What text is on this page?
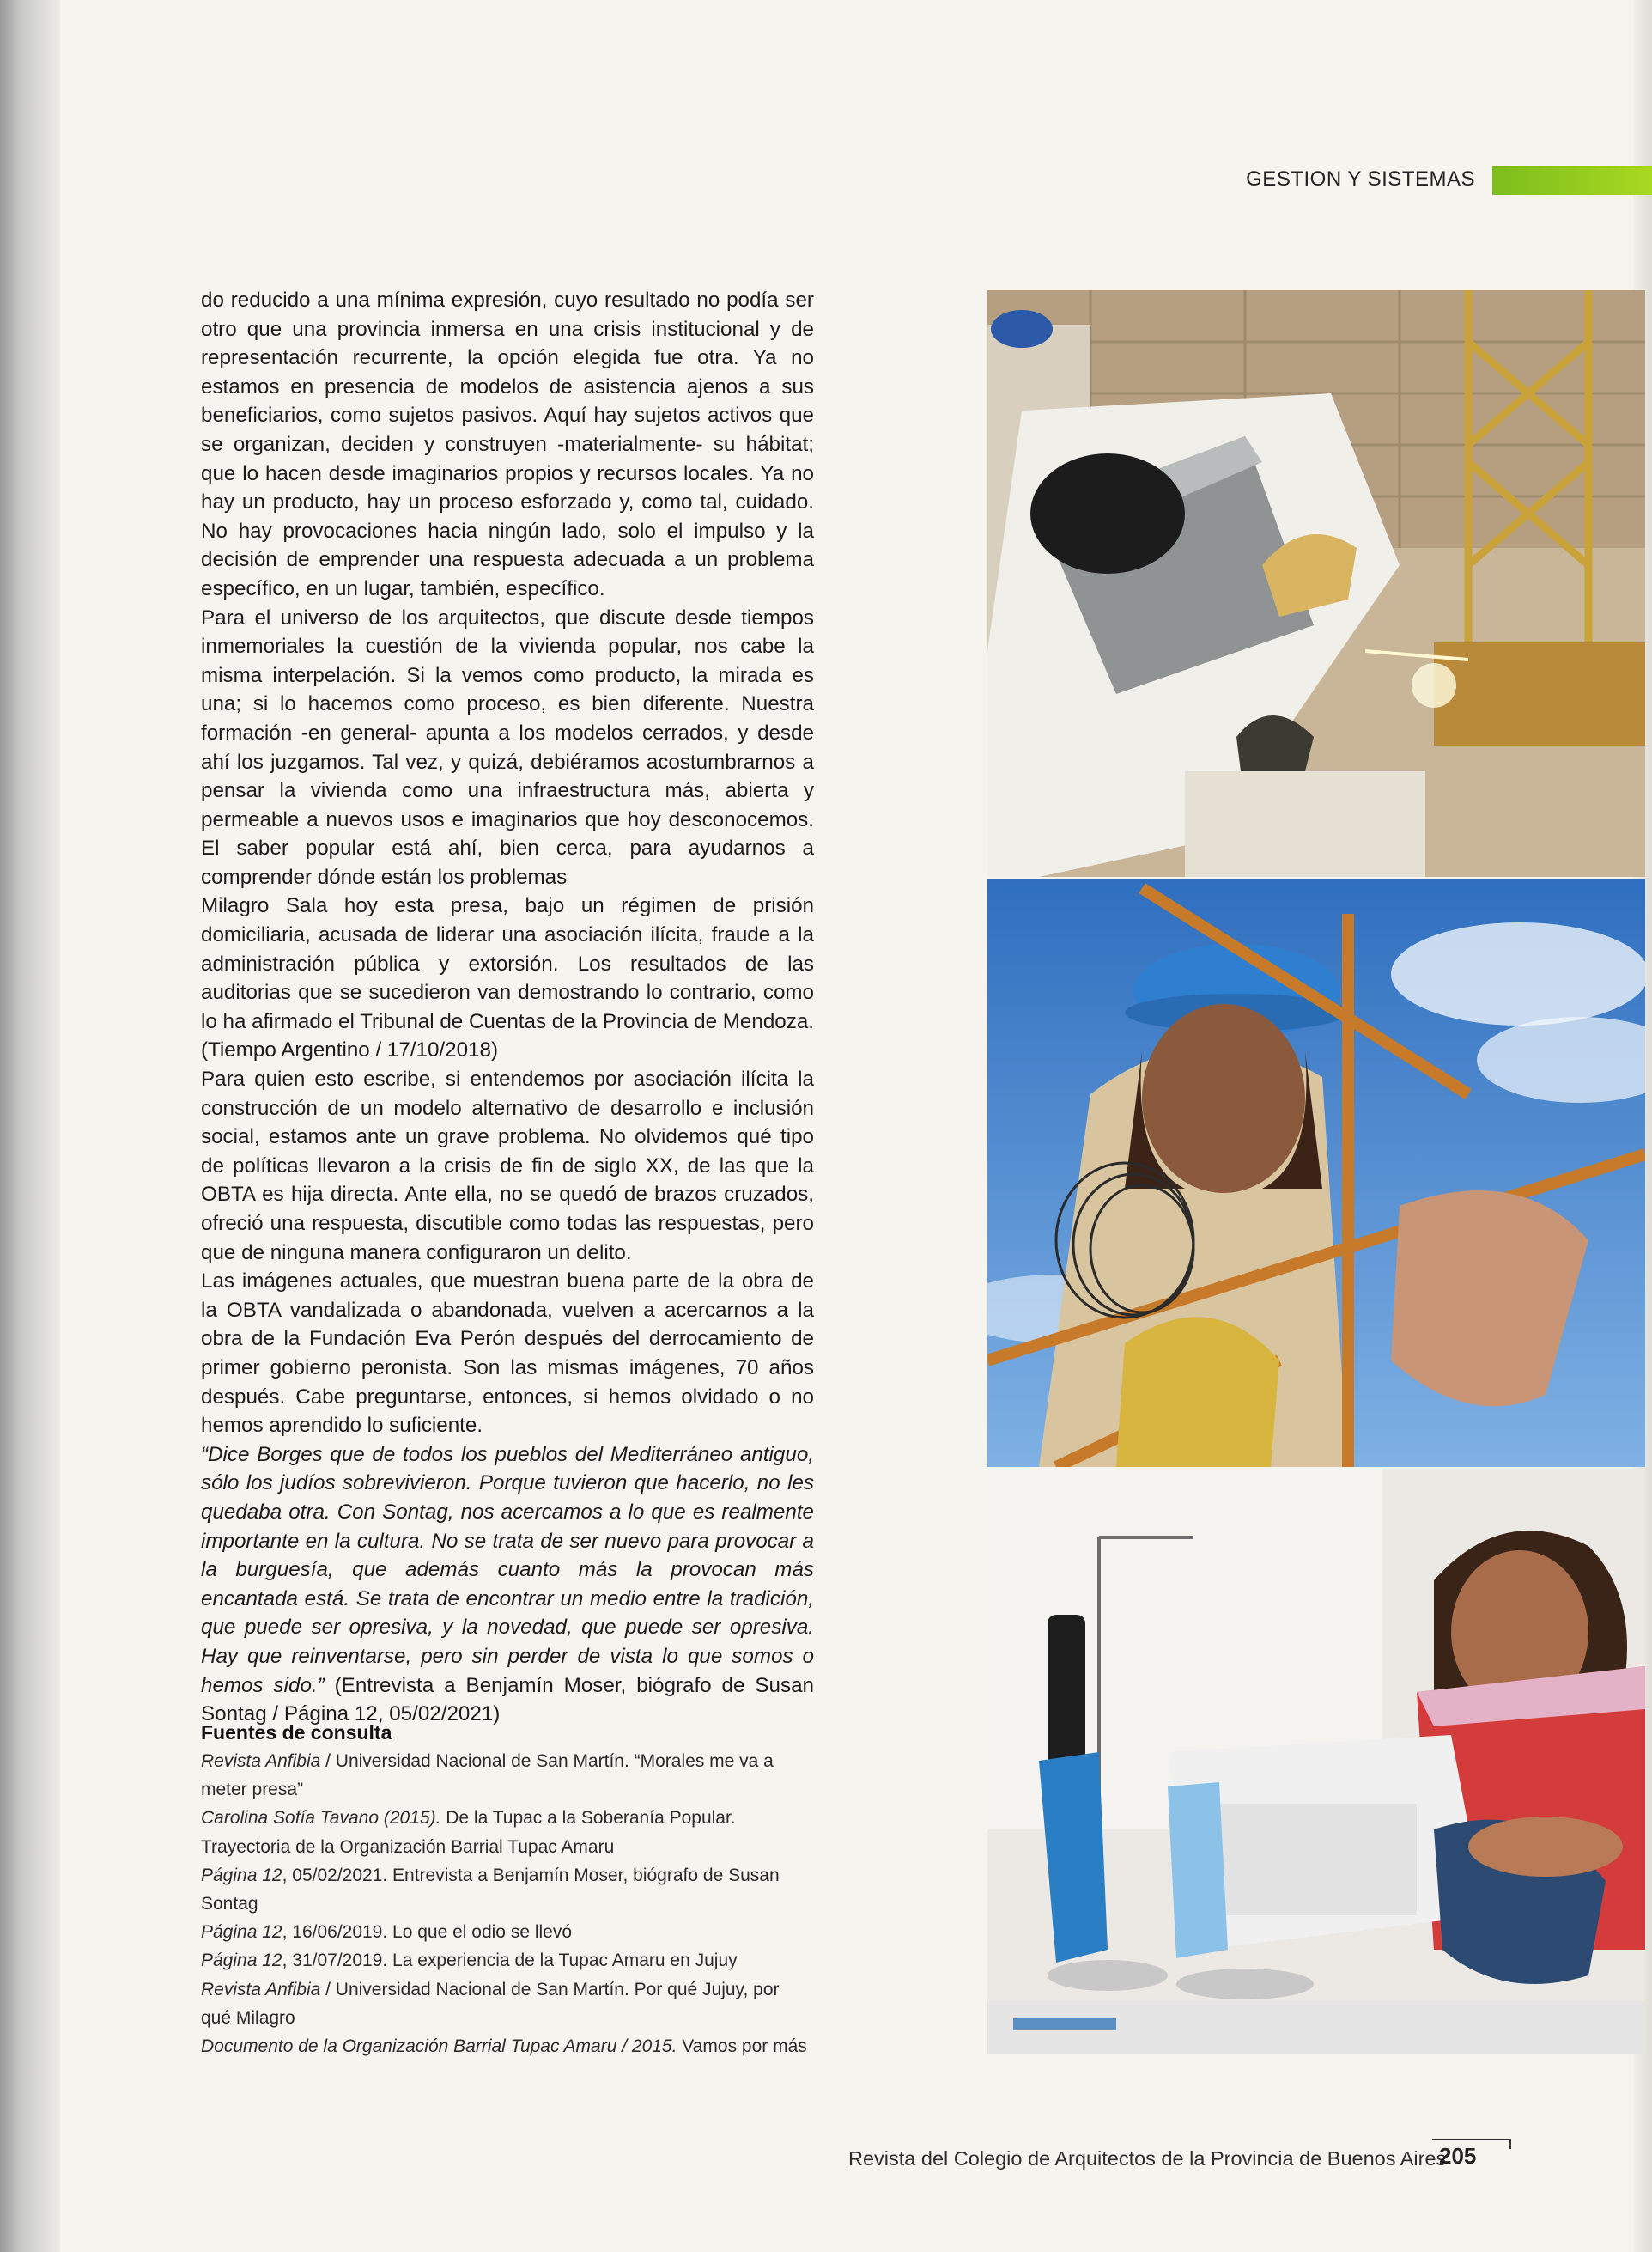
GESTION Y SISTEMAS

do reducido a una mínima expresión, cuyo resultado no podía ser otro que una provincia inmersa en una crisis institucional y de representación recurrente, la opción elegida fue otra. Ya no estamos en presencia de modelos de asistencia ajenos a sus beneficiarios, como sujetos pasivos. Aquí hay sujetos activos que se organizan, deciden y construyen -materialmente- su hábitat; que lo hacen desde imaginarios propios y recursos locales. Ya no hay un producto, hay un proceso esforzado y, como tal, cuidado. No hay provocaciones hacia ningún lado, solo el impulso y la decisión de emprender una respuesta adecuada a un problema específico, en un lugar, también, específico.

Para el universo de los arquitectos, que discute desde tiempos inmemoriales la cuestión de la vivienda popular, nos cabe la misma interpelación. Si la vemos como producto, la mirada es una; si lo hacemos como proceso, es bien diferente. Nuestra formación -en general- apunta a los modelos cerrados, y desde ahí los juzgamos. Tal vez, y quizá, debiéramos acostumbrarnos a pensar la vivienda como una infraestructura más, abierta y permeable a nuevos usos e imaginarios que hoy desconocemos. El saber popular está ahí, bien cerca, para ayudarnos a comprender dónde están los problemas

Milagro Sala hoy esta presa, bajo un régimen de prisión domiciliaria, acusada de liderar una asociación ilícita, fraude a la administración pública y extorsión. Los resultados de las auditorias que se sucedieron van demostrando lo contrario, como lo ha afirmado el Tribunal de Cuentas de la Provincia de Mendoza. (Tiempo Argentino / 17/10/2018)

Para quien esto escribe, si entendemos por asociación ilícita la construcción de un modelo alternativo de desarrollo e inclusión social, estamos ante un grave problema. No olvidemos qué tipo de políticas llevaron a la crisis de fin de siglo XX, de las que la OBTA es hija directa. Ante ella, no se quedó de brazos cruzados, ofreció una respuesta, discutible como todas las respuestas, pero que de ninguna manera configuraron un delito.

Las imágenes actuales, que muestran buena parte de la obra de la OBTA vandalizada o abandonada, vuelven a acercarnos a la obra de la Fundación Eva Perón después del derrocamiento de primer gobierno peronista. Son las mismas imágenes, 70 años después. Cabe preguntarse, entonces, si hemos olvidado o no hemos aprendido lo suficiente.

“Dice Borges que de todos los pueblos del Mediterráneo antiguo, sólo los judíos sobrevivieron. Porque tuvieron que hacerlo, no les quedaba otra. Con Sontag, nos acercamos a lo que es realmente importante en la cultura. No se trata de ser nuevo para provocar a la burguesía, que además cuanto más la provocan más encantada está. Se trata de encontrar un medio entre la tradición, que puede ser opresiva, y la novedad, que puede ser opresiva. Hay que reinventarse, pero sin perder de vista lo que somos o hemos sido.” (Entrevista a Benjamín Moser, biógrafo de Susan Sontag / Página 12, 05/02/2021)

Fuentes de consulta

Revista Anfibia / Universidad Nacional de San Martín. “Morales me va a meter presa”

Carolina Sofía Tavano (2015). De la Tupac a la Soberanía Popular. Trayectoria de la Organización Barrial Tupac Amaru

Página 12, 05/02/2021. Entrevista a Benjamín Moser, biógrafo de Susan Sontag

Página 12, 16/06/2019. Lo que el odio se llevó

Página 12, 31/07/2019. La experiencia de la Tupac Amaru en Jujuy

Revista Anfibia / Universidad Nacional de San Martín. Por qué Jujuy, por qué Milagro

Documento de la Organización Barrial Tupac Amaru / 2015. Vamos por más

Revista del Colegio de Arquitectos de la Provincia de Buenos Aires
205
